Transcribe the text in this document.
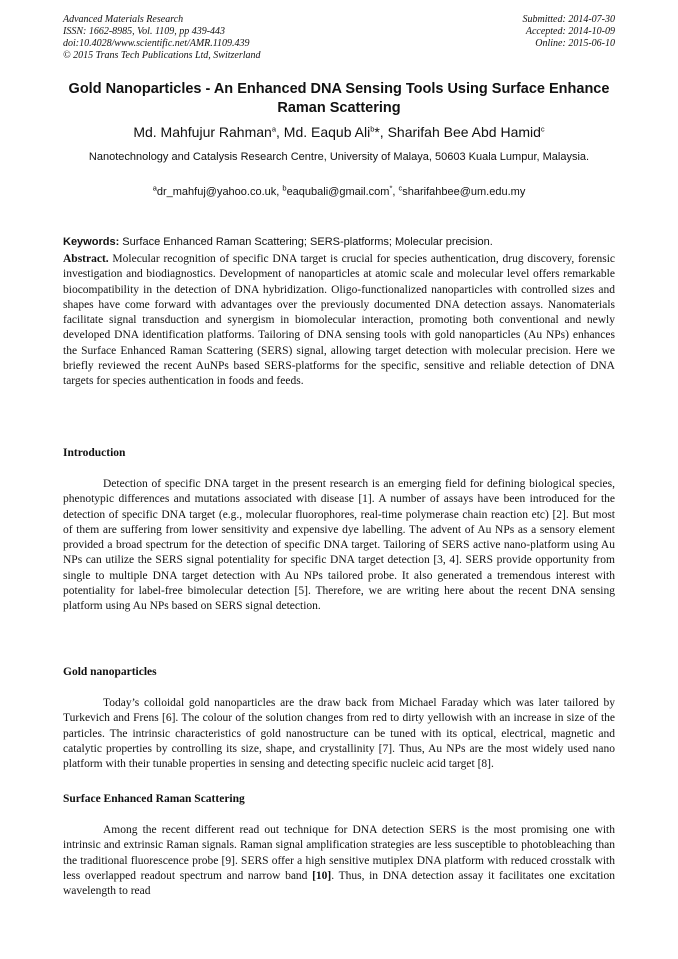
Advanced Materials Research
ISSN: 1662-8985, Vol. 1109, pp 439-443
doi:10.4028/www.scientific.net/AMR.1109.439
© 2015 Trans Tech Publications Ltd, Switzerland
Submitted: 2014-07-30
Accepted: 2014-10-09
Online: 2015-06-10
Gold Nanoparticles - An Enhanced DNA Sensing Tools Using Surface Enhance Raman Scattering
Md. Mahfujur Rahman$^a$, Md. Eaqub Ali$^b$*, Sharifah Bee Abd Hamid$^c$
Nanotechnology and Catalysis Research Centre, University of Malaya, 50603 Kuala Lumpur, Malaysia.
$^a$dr_mahfuj@yahoo.co.uk, $^b$eaqubali@gmail.com*, $^c$sharifahbee@um.edu.my
Keywords: Surface Enhanced Raman Scattering; SERS-platforms; Molecular precision.
Abstract. Molecular recognition of specific DNA target is crucial for species authentication, drug discovery, forensic investigation and biodiagnostics. Development of nanoparticles at atomic scale and molecular level offers remarkable biocompatibility in the detection of DNA hybridization. Oligo-functionalized nanoparticles with controlled sizes and shapes have come forward with advantages over the previously documented DNA detection assays. Nanomaterials facilitate signal transduction and synergism in biomolecular interaction, promoting both conventional and newly developed DNA identification platforms. Tailoring of DNA sensing tools with gold nanoparticles (Au NPs) enhances the Surface Enhanced Raman Scattering (SERS) signal, allowing target detection with molecular precision. Here we briefly reviewed the recent AuNPs based SERS-platforms for the specific, sensitive and reliable detection of DNA targets for species authentication in foods and feeds.
Introduction
Detection of specific DNA target in the present research is an emerging field for defining biological species, phenotypic differences and mutations associated with disease [1]. A number of assays have been introduced for the detection of specific DNA target (e.g., molecular fluorophores, real-time polymerase chain reaction etc) [2]. But most of them are suffering from lower sensitivity and expensive dye labelling. The advent of Au NPs as a sensory element provided a broad spectrum for the detection of specific DNA target. Tailoring of SERS active nano-platform using Au NPs can utilize the SERS signal potentiality for specific DNA target detection [3, 4]. SERS provide opportunity from single to multiple DNA target detection with Au NPs tailored probe. It also generated a tremendous interest with potentiality for label-free bimolecular detection [5]. Therefore, we are writing here about the recent DNA sensing platform using Au NPs based on SERS signal detection.
Gold nanoparticles
Today’s colloidal gold nanoparticles are the draw back from Michael Faraday which was later tailored by Turkevich and Frens [6]. The colour of the solution changes from red to dirty yellowish with an increase in size of the particles. The intrinsic characteristics of gold nanostructure can be tuned with its optical, electrical, magnetic and catalytic properties by controlling its size, shape, and crystallinity [7]. Thus, Au NPs are the most widely used nano platform with their tunable properties in sensing and detecting specific nucleic acid target [8].
Surface Enhanced Raman Scattering
Among the recent different read out technique for DNA detection SERS is the most promising one with intrinsic and extrinsic Raman signals. Raman signal amplification strategies are less susceptible to photobleaching than the traditional fluorescence probe [9]. SERS offer a high sensitive mutiplex DNA platform with reduced crosstalk with less overlapped readout spectrum and narrow band [10]. Thus, in DNA detection assay it facilitates one excitation wavelength to read
